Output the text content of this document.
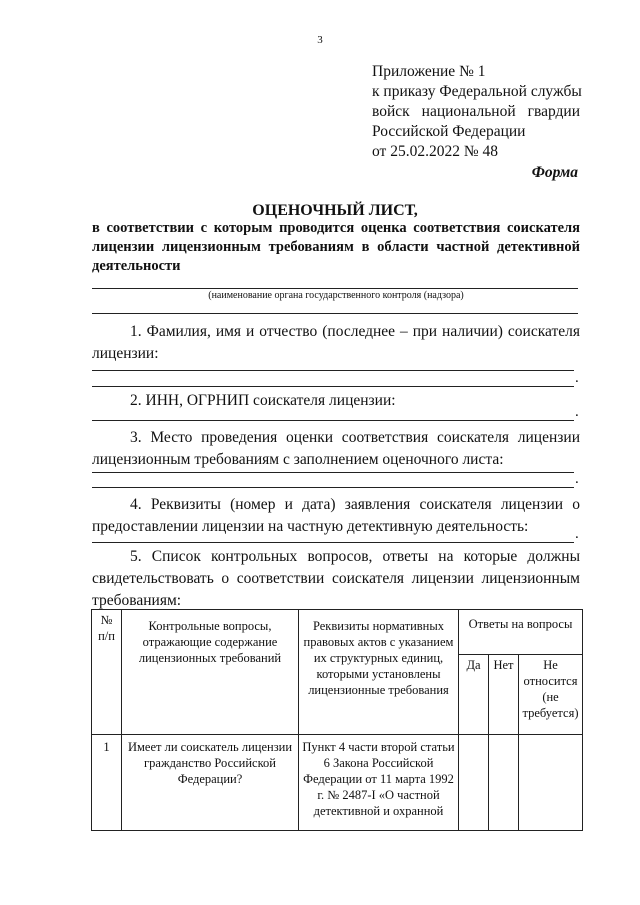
3
Приложение № 1
к приказу Федеральной службы
войск национальной гвардии
Российской Федерации
от 25.02.2022 № 48
Форма
ОЦЕНОЧНЫЙ ЛИСТ,
в соответствии с которым проводится оценка соответствия соискателя лицензии лицензионным требованиям в области частной детективной деятельности
(наименование органа государственного контроля (надзора)
1. Фамилия, имя и отчество (последнее – при наличии) соискателя лицензии:
.
2. ИНН, ОГРНИП соискателя лицензии:
.
3. Место проведения оценки соответствия соискателя лицензии лицензионным требованиям с заполнением оценочного листа:
.
4. Реквизиты (номер и дата) заявления соискателя лицензии о предоставлении лицензии на частную детективную деятельность:	.
5. Список контрольных вопросов, ответы на которые должны свидетельствовать о соответствии соискателя лицензии лицензионным требованиям:
№ п/п	Контрольные вопросы, отражающие содержание лицензионных требований	Реквизиты нормативных правовых актов с указанием их структурных единиц, которыми установлены лицензионные требования	Ответы на вопросы		
			Да	Нет	Не относится (не требуется)
1	Имеет ли соискатель лицензии гражданство Российской Федерации?	Пункт 4 части второй статьи 6 Закона Российской Федерации от 11 марта 1992 г. № 2487-I «О частной детективной и охранной			
